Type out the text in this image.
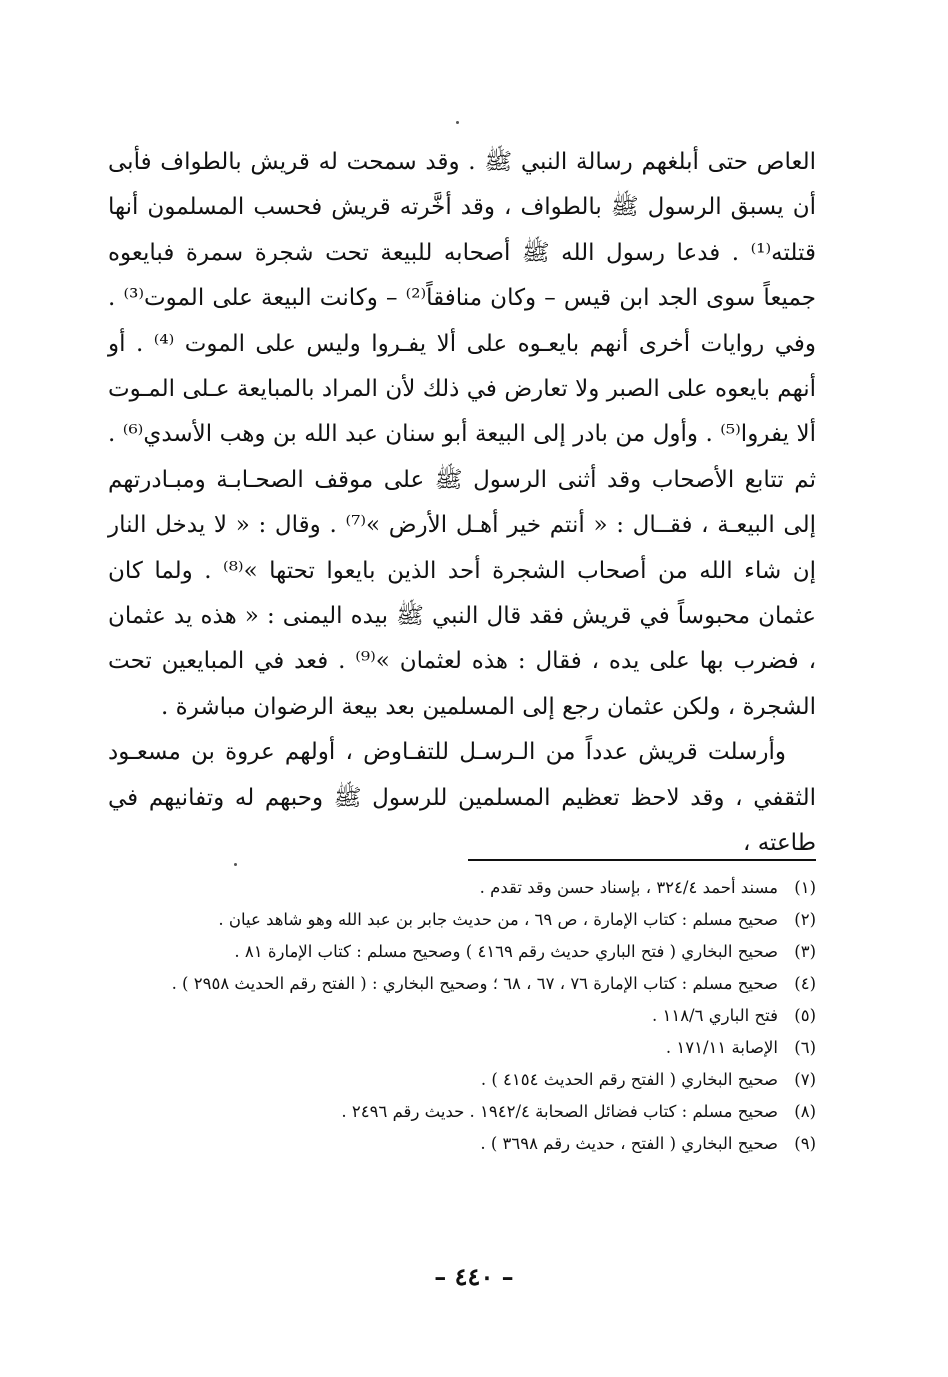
العاص حتى أبلغهم رسالة النبي ﷺ . وقد سمحت له قريش بالطواف فأبى أن يسبق الرسول ﷺ بالطواف ، وقد أخَّرته قريش فحسب المسلمون أنها قتلته⁽¹⁾ . فدعا رسول الله ﷺ أصحابه للبيعة تحت شجرة سمرة فبايعوه جميعاً سوى الجد ابن قيس – وكان منافقاً⁽²⁾ – وكانت البيعة على الموت⁽³⁾ . وفي روايات أخرى أنهم بايعـوه على ألا يفـروا وليس على الموت ⁽⁴⁾ . أو أنهم بايعوه على الصبر ولا تعارض في ذلك لأن المراد بالمبايعة عـلى المـوت ألا يفروا⁽⁵⁾ . وأول من بادر إلى البيعة أبو سنان عبد الله بن وهب الأسدي⁽⁶⁾ . ثم تتابع الأصحاب وقد أثنى الرسول ﷺ على موقف الصحـابـة ومبـادرتهم إلى البيعـة ، فقــال : « أنتم خير أهـل الأرض »⁽⁷⁾ . وقال : « لا يدخل النار إن شاء الله من أصحاب الشجرة أحد الذين بايعوا تحتها »⁽⁸⁾ . ولما كان عثمان محبوساً في قريش فقد قال النبي ﷺ بيده اليمنى : « هذه يد عثمان ، فضرب بها على يده ، فقال : هذه لعثمان »⁽⁹⁾ . فعد في المبايعين تحت الشجرة ، ولكن عثمان رجع إلى المسلمين بعد بيعة الرضوان مباشرة .

وأرسلت قريش عدداً من الـرسـل للتفـاوض ، أولهم عروة بن مسعـود الثقفي ، وقد لاحظ تعظيم المسلمين للرسول ﷺ وحبهم له وتفانيهم في طاعته ،

(١)
مسند أحمد ٣٢٤/٤ ، بإسناد حسن وقد تقدم .
(٢)
صحيح مسلم : كتاب الإمارة ، ص ٦٩ ، من حديث جابر بن عبد الله وهو شاهد عيان .
(٣)
صحيح البخاري ( فتح الباري حديث رقم ٤١٦٩ ) وصحيح مسلم : كتاب الإمارة ٨١ .
(٤)
صحيح مسلم : كتاب الإمارة ٧٦ ، ٦٧ ، ٦٨ ؛ وصحيح البخاري : ( الفتح رقم الحديث ٢٩٥٨ ) .
(٥)
فتح الباري ١١٨/٦ .
(٦)
الإصابة ١٧١/١١ .
(٧)
صحيح البخاري ( الفتح رقم الحديث ٤١٥٤ ) .
(٨)
صحيح مسلم : كتاب فضائل الصحابة ١٩٤٢/٤ . حديث رقم ٢٤٩٦ .
(٩)
صحيح البخاري ( الفتح ، حديث رقم ٣٦٩٨ ) .
– ٤٤٠ –
